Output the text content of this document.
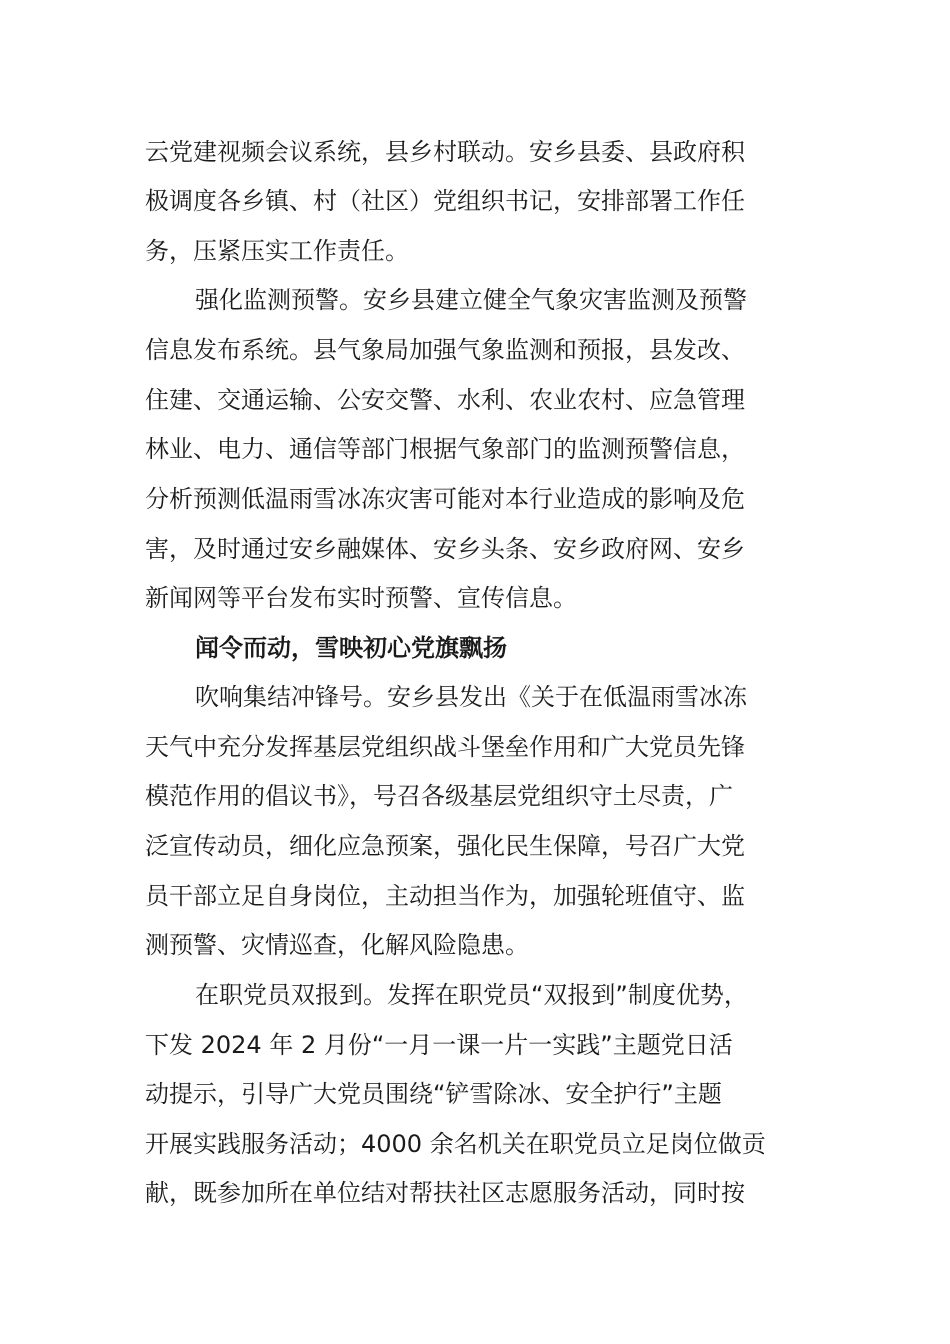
云党建视频会议系统，县乡村联动。安乡县委、县政府积
极调度各乡镇、村（社区）党组织书记，安排部署工作任
务，压紧压实工作责任。
强化监测预警。安乡县建立健全气象灾害监测及预警
信息发布系统。县气象局加强气象监测和预报，县发改、
住建、交通运输、公安交警、水利、农业农村、应急管理
林业、电力、通信等部门根据气象部门的监测预警信息，
分析预测低温雨雪冰冻灾害可能对本行业造成的影响及危
害，及时通过安乡融媒体、安乡头条、安乡政府网、安乡
新闻网等平台发布实时预警、宣传信息。
闻令而动，雪映初心党旗飘扬
吹响集结冲锋号。安乡县发出《关于在低温雨雪冰冻
天气中充分发挥基层党组织战斗堡垒作用和广大党员先锋
模范作用的倡议书》，号召各级基层党组织守土尽责，广
泛宣传动员，细化应急预案，强化民生保障，号召广大党
员干部立足自身岗位，主动担当作为，加强轮班值守、监
测预警、灾情巡查，化解风险隐患。
在职党员双报到。发挥在职党员“双报到”制度优势，
下发 2024 年 2 月份“一月一课一片一实践”主题党日活
动提示，引导广大党员围绕“铲雪除冰、安全护行”主题
开展实践服务活动；4000 余名机关在职党员立足岗位做贡
献，既参加所在单位结对帮扶社区志愿服务活动，同时按
